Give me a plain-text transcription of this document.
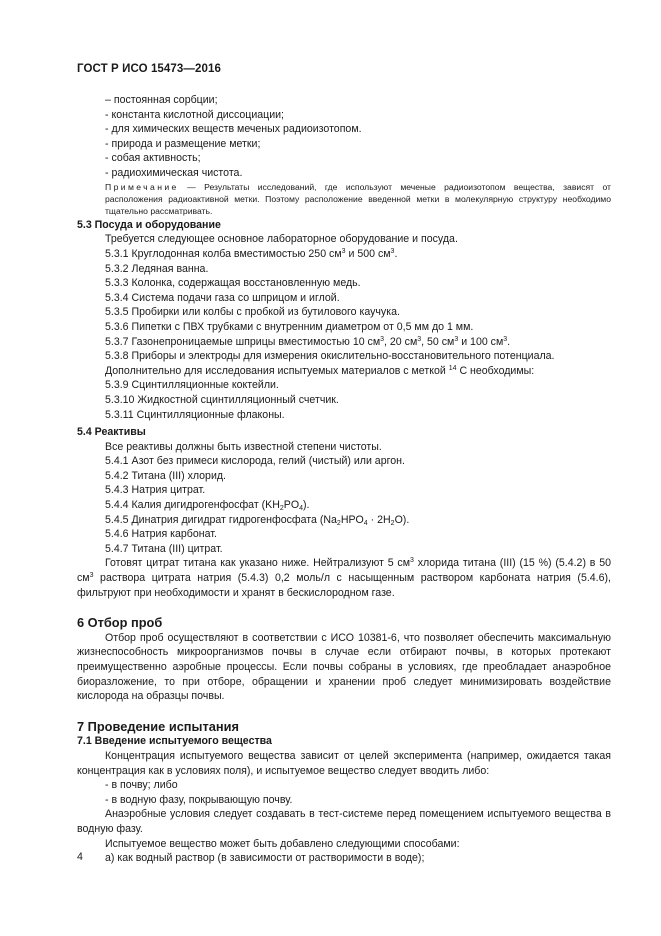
ГОСТ Р ИСО 15473—2016

– постоянная сорбции;

- константа кислотной диссоциации;

- для химических веществ меченых радиоизотопом.

- природа и размещение метки;

- собая активность;

- радиохимическая чистота.

Примечание — Результаты исследований, где используют меченые радиоизотопом вещества, зависят от расположения радиоактивной метки. Поэтому расположение введенной метки в молекулярную структуру необходимо тщательно рассматривать.

5.3 Посуда и оборудование

Требуется следующее основное лабораторное оборудование и посуда.

5.3.1 Круглодонная колба вместимостью 250 $см^3$ и 500 $см^3$.

5.3.2 Ледяная ванна.

5.3.3 Колонка, содержащая восстановленную медь.

5.3.4 Система подачи газа со шприцом и иглой.

5.3.5 Пробирки или колбы с пробкой из бутилового каучука.

5.3.6 Пипетки с ПВХ трубками с внутренним диаметром от 0,5 мм до 1 мм.

5.3.7 Газонепроницаемые шприцы вместимостью 10 $см^3$, 20 $см^3$, 50 $см^3$ и 100 $см^3$.

5.3.8 Приборы и электроды для измерения окислительно-восстановительного потенциала.

Дополнительно для исследования испытуемых материалов с меткой $^{14}$ С необходимы:

5.3.9 Сцинтилляционные коктейли.

5.3.10 Жидкостной сцинтилляционный счетчик.

5.3.11 Сцинтилляционные флаконы.

5.4 Реактивы

Все реактивы должны быть известной степени чистоты.

5.4.1 Азот без примеси кислорода, гелий (чистый) или аргон.

5.4.2 Титана (III) хлорид.

5.4.3 Натрия цитрат.

5.4.4 Калия дигидрогенфосфат $(KH_2PO_4)$.

5.4.5 Динатрия дигидрат гидрогенфосфата $(Na_2HPO_4 \cdot 2H_2O)$.

5.4.6 Натрия карбонат.

5.4.7 Титана (III) цитрат.

Готовят цитрат титана как указано ниже. Нейтрализуют 5 $см^3$ хлорида титана (III) (15 %) (5.4.2) в 50 $см^3$ раствора цитрата натрия (5.4.3) 0,2 моль/л с насыщенным раствором карбоната натрия (5.4.6), фильтруют при необходимости и хранят в бескислородном газе.

6 Отбор проб

Отбор проб осуществляют в соответствии с ИСО 10381-6, что позволяет обеспечить максимальную жизнеспособность микроорганизмов почвы в случае если отбирают почвы, в которых протекают преимущественно аэробные процессы. Если почвы собраны в условиях, где преобладает анаэробное биоразложение, то при отборе, обращении и хранении проб следует минимизировать воздействие кислорода на образцы почвы.

7 Проведение испытания

7.1 Введение испытуемого вещества

Концентрация испытуемого вещества зависит от целей эксперимента (например, ожидается такая концентрация как в условиях поля), и испытуемое вещество следует вводить либо:

- в почву; либо

- в водную фазу, покрывающую почву.

Анаэробные условия следует создавать в тест-системе перед помещением испытуемого вещества в водную фазу.

Испытуемое вещество может быть добавлено следующими способами:

а) как водный раствор (в зависимости от растворимости в воде);

4
